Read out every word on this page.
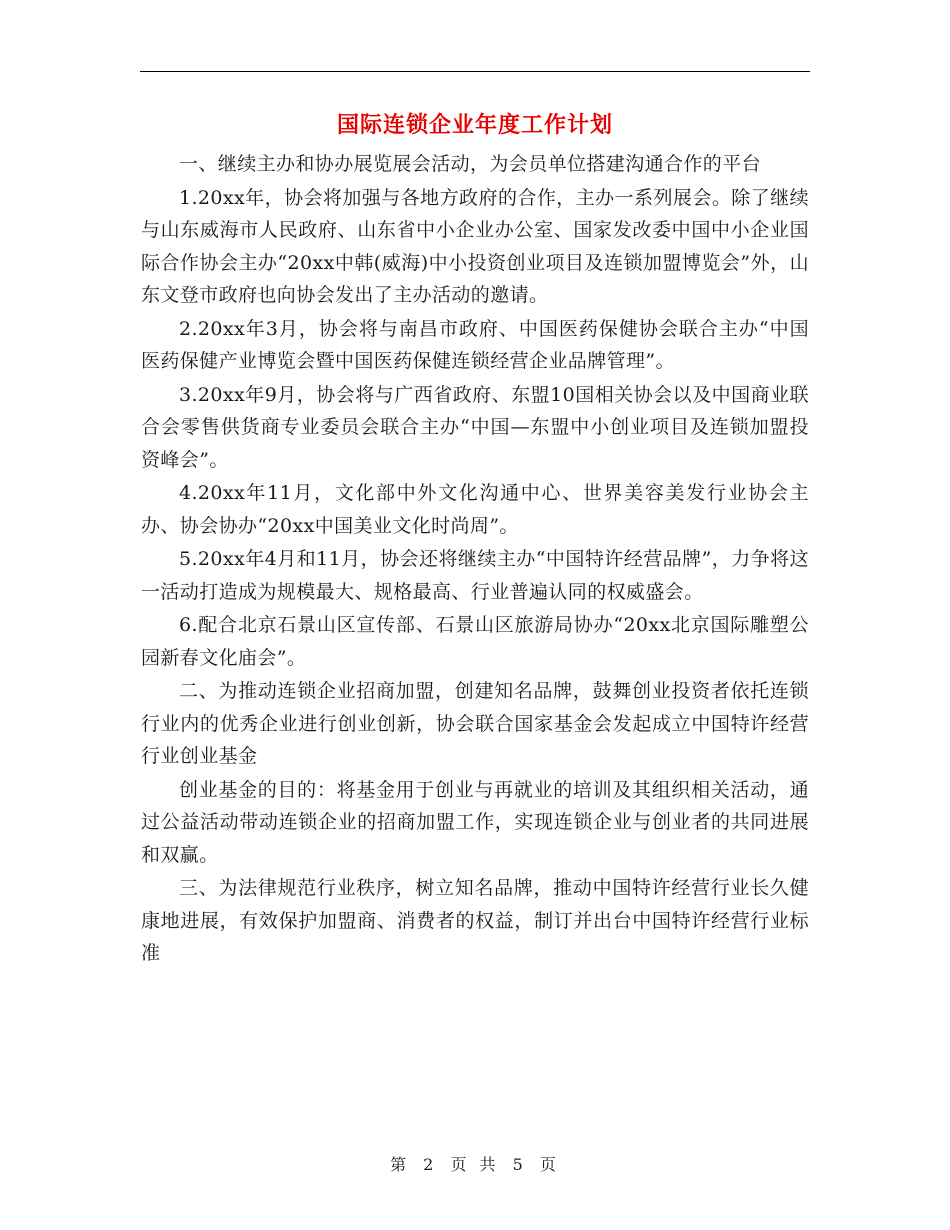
国际连锁企业年度工作计划

一、继续主办和协办展览展会活动，为会员单位搭建沟通合作的平台

1.20xx年，协会将加强与各地方政府的合作，主办一系列展会。除了继续与山东威海市人民政府、山东省中小企业办公室、国家发改委中国中小企业国际合作协会主办“20xx中韩(威海)中小投资创业项目及连锁加盟博览会”外，山东文登市政府也向协会发出了主办活动的邀请。

2.20xx年3月，协会将与南昌市政府、中国医药保健协会联合主办“中国医药保健产业博览会暨中国医药保健连锁经营企业品牌管理”。

3.20xx年9月，协会将与广西省政府、东盟10国相关协会以及中国商业联合会零售供货商专业委员会联合主办“中国—东盟中小创业项目及连锁加盟投资峰会”。

4.20xx年11月，文化部中外文化沟通中心、世界美容美发行业协会主办、协会协办“20xx中国美业文化时尚周”。

5.20xx年4月和11月，协会还将继续主办“中国特许经营品牌”，力争将这一活动打造成为规模最大、规格最高、行业普遍认同的权威盛会。

6.配合北京石景山区宣传部、石景山区旅游局协办“20xx北京国际雕塑公园新春文化庙会”。

二、为推动连锁企业招商加盟，创建知名品牌，鼓舞创业投资者依托连锁行业内的优秀企业进行创业创新，协会联合国家基金会发起成立中国特许经营行业创业基金

创业基金的目的：将基金用于创业与再就业的培训及其组织相关活动，通过公益活动带动连锁企业的招商加盟工作，实现连锁企业与创业者的共同进展和双赢。

三、为法律规范行业秩序，树立知名品牌，推动中国特许经营行业长久健康地进展，有效保护加盟商、消费者的权益，制订并出台中国特许经营行业标准

第 2 页 共 5 页
